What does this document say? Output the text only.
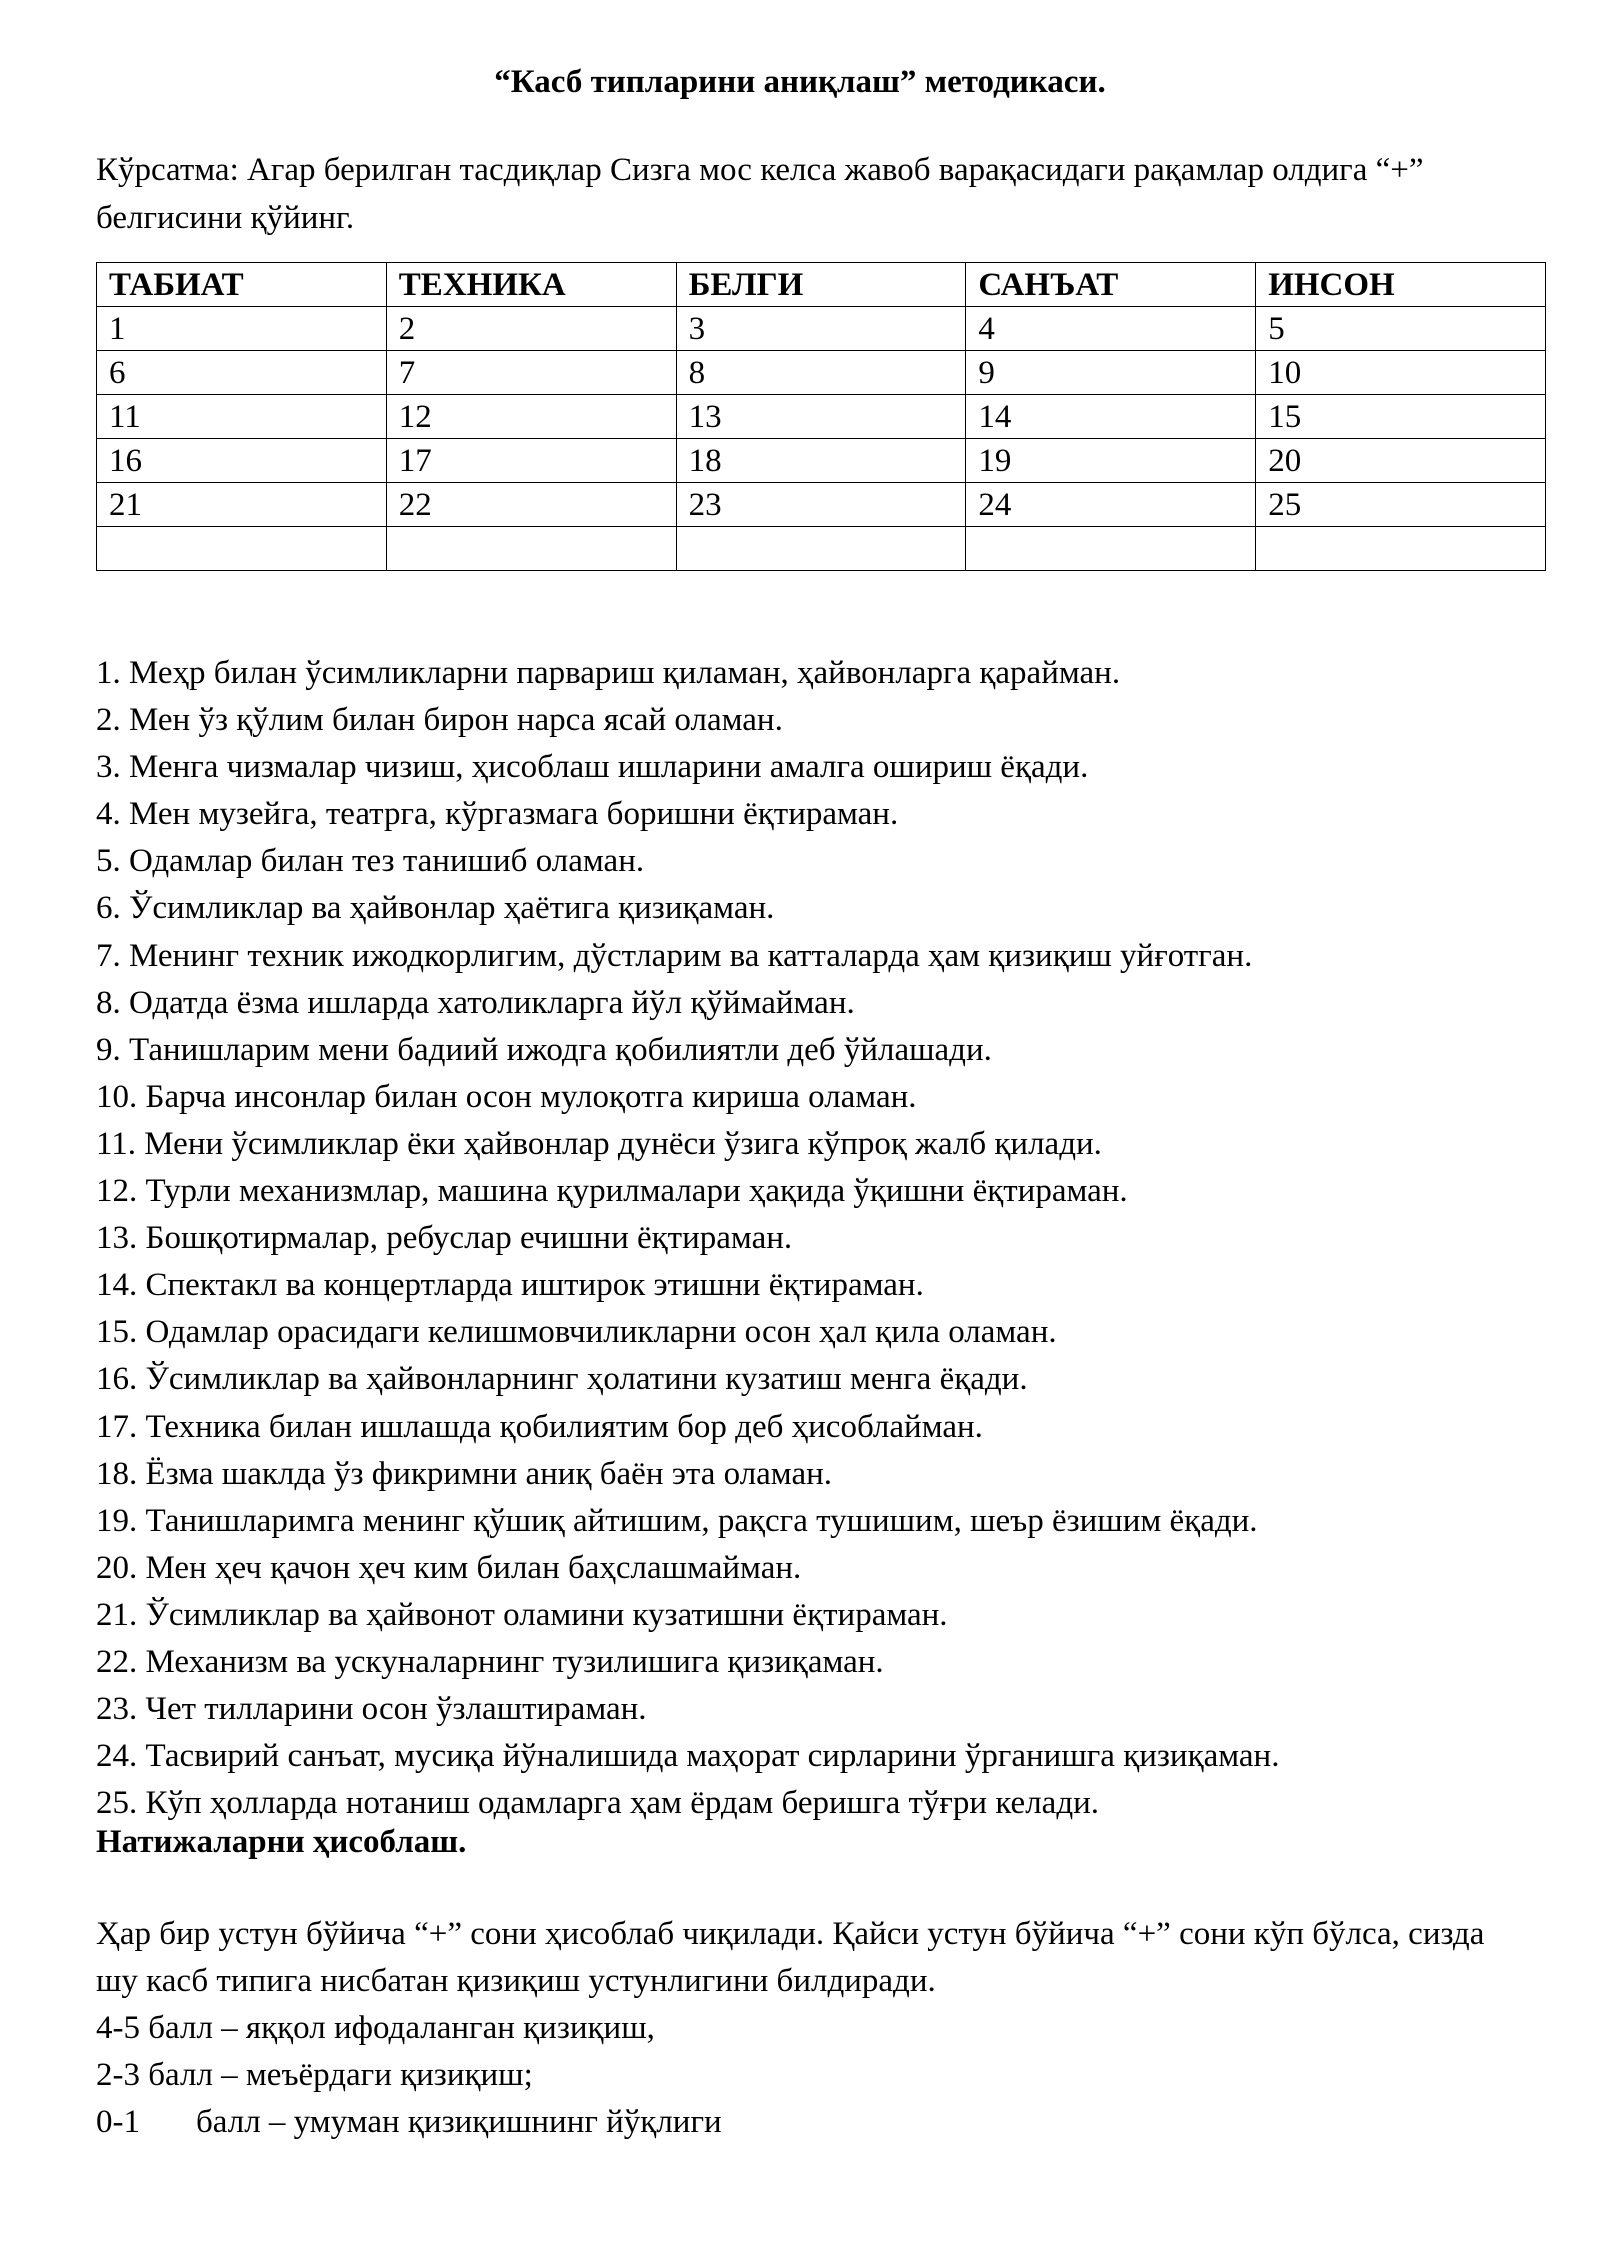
“Касб типларини аниқлаш” методикаси.
Кўрсатма: Агар берилган тасдиқлар Сизга мос келса жавоб варақасидаги рақамлар олдига “+” белгисини қўйинг.
ТАБИАТ	ТЕХНИКА	БЕЛГИ	САНЪАТ	ИНСОН
1	2	3	4	5
6	7	8	9	10
11	12	13	14	15
16	17	18	19	20
21	22	23	24	25

1. Меҳр билан ўсимликларни парвариш қиламан, ҳайвонларга қарайман.
2. Мен ўз қўлим билан бирон нарса ясай оламан.
3. Менга чизмалар чизиш, ҳисоблаш ишларини амалга ошириш ёқади.
4. Мен музейга, театрга, кўргазмага боришни ёқтираман.
5. Одамлар билан тез танишиб оламан.
6. Ўсимликлар ва ҳайвонлар ҳаётига қизиқаман.
7. Менинг техник ижодкорлигим, дўстларим ва катталарда ҳам қизиқиш уйғотган.
8. Одатда ёзма ишларда хатоликларга йўл қўймайман.
9. Танишларим мени бадиий ижодга қобилиятли деб ўйлашади.
10. Барча инсонлар билан осон мулоқотга кириша оламан.
11. Мени ўсимликлар ёки ҳайвонлар дунёси ўзига кўпроқ жалб қилади.
12. Турли механизмлар, машина қурилмалари ҳақида ўқишни ёқтираман.
13. Бошқотирмалар, ребуслар ечишни ёқтираман.
14. Спектакл ва концертларда иштирок этишни ёқтираман.
15. Одамлар орасидаги келишмовчиликларни осон ҳал қила оламан.
16. Ўсимликлар ва ҳайвонларнинг ҳолатини кузатиш менга ёқади.
17. Техника билан ишлашда қобилиятим бор деб ҳисоблайман.
18. Ёзма шаклда ўз фикримни аниқ баён эта оламан.
19. Танишларимга менинг қўшиқ айтишим, рақсга тушишим, шеър ёзишим ёқади.
20. Мен ҳеч қачон ҳеч ким билан баҳслашмайман.
21. Ўсимликлар ва ҳайвонот оламини кузатишни ёқтираман.
22. Механизм ва ускуналарнинг тузилишига қизиқаман.
23. Чет тилларини осон ўзлаштираман.
24. Тасвирий санъат, мусиқа йўналишида маҳорат сирларини ўрганишга қизиқаман.
25. Кўп ҳолларда нотаниш одамларга ҳам ёрдам беришга тўғри келади.
Натижаларни ҳисоблаш.
Ҳар бир устун бўйича “+” сони ҳисоблаб чиқилади. Қайси устун бўйича “+” сони кўп бўлса, сизда шу касб типига нисбатан қизиқиш устунлигини билдиради.
4-5 балл – яққол ифодаланган қизиқиш,
2-3 балл – меъёрдаги қизиқиш;
0-1 балл – умуман қизиқишнинг йўқлиги
